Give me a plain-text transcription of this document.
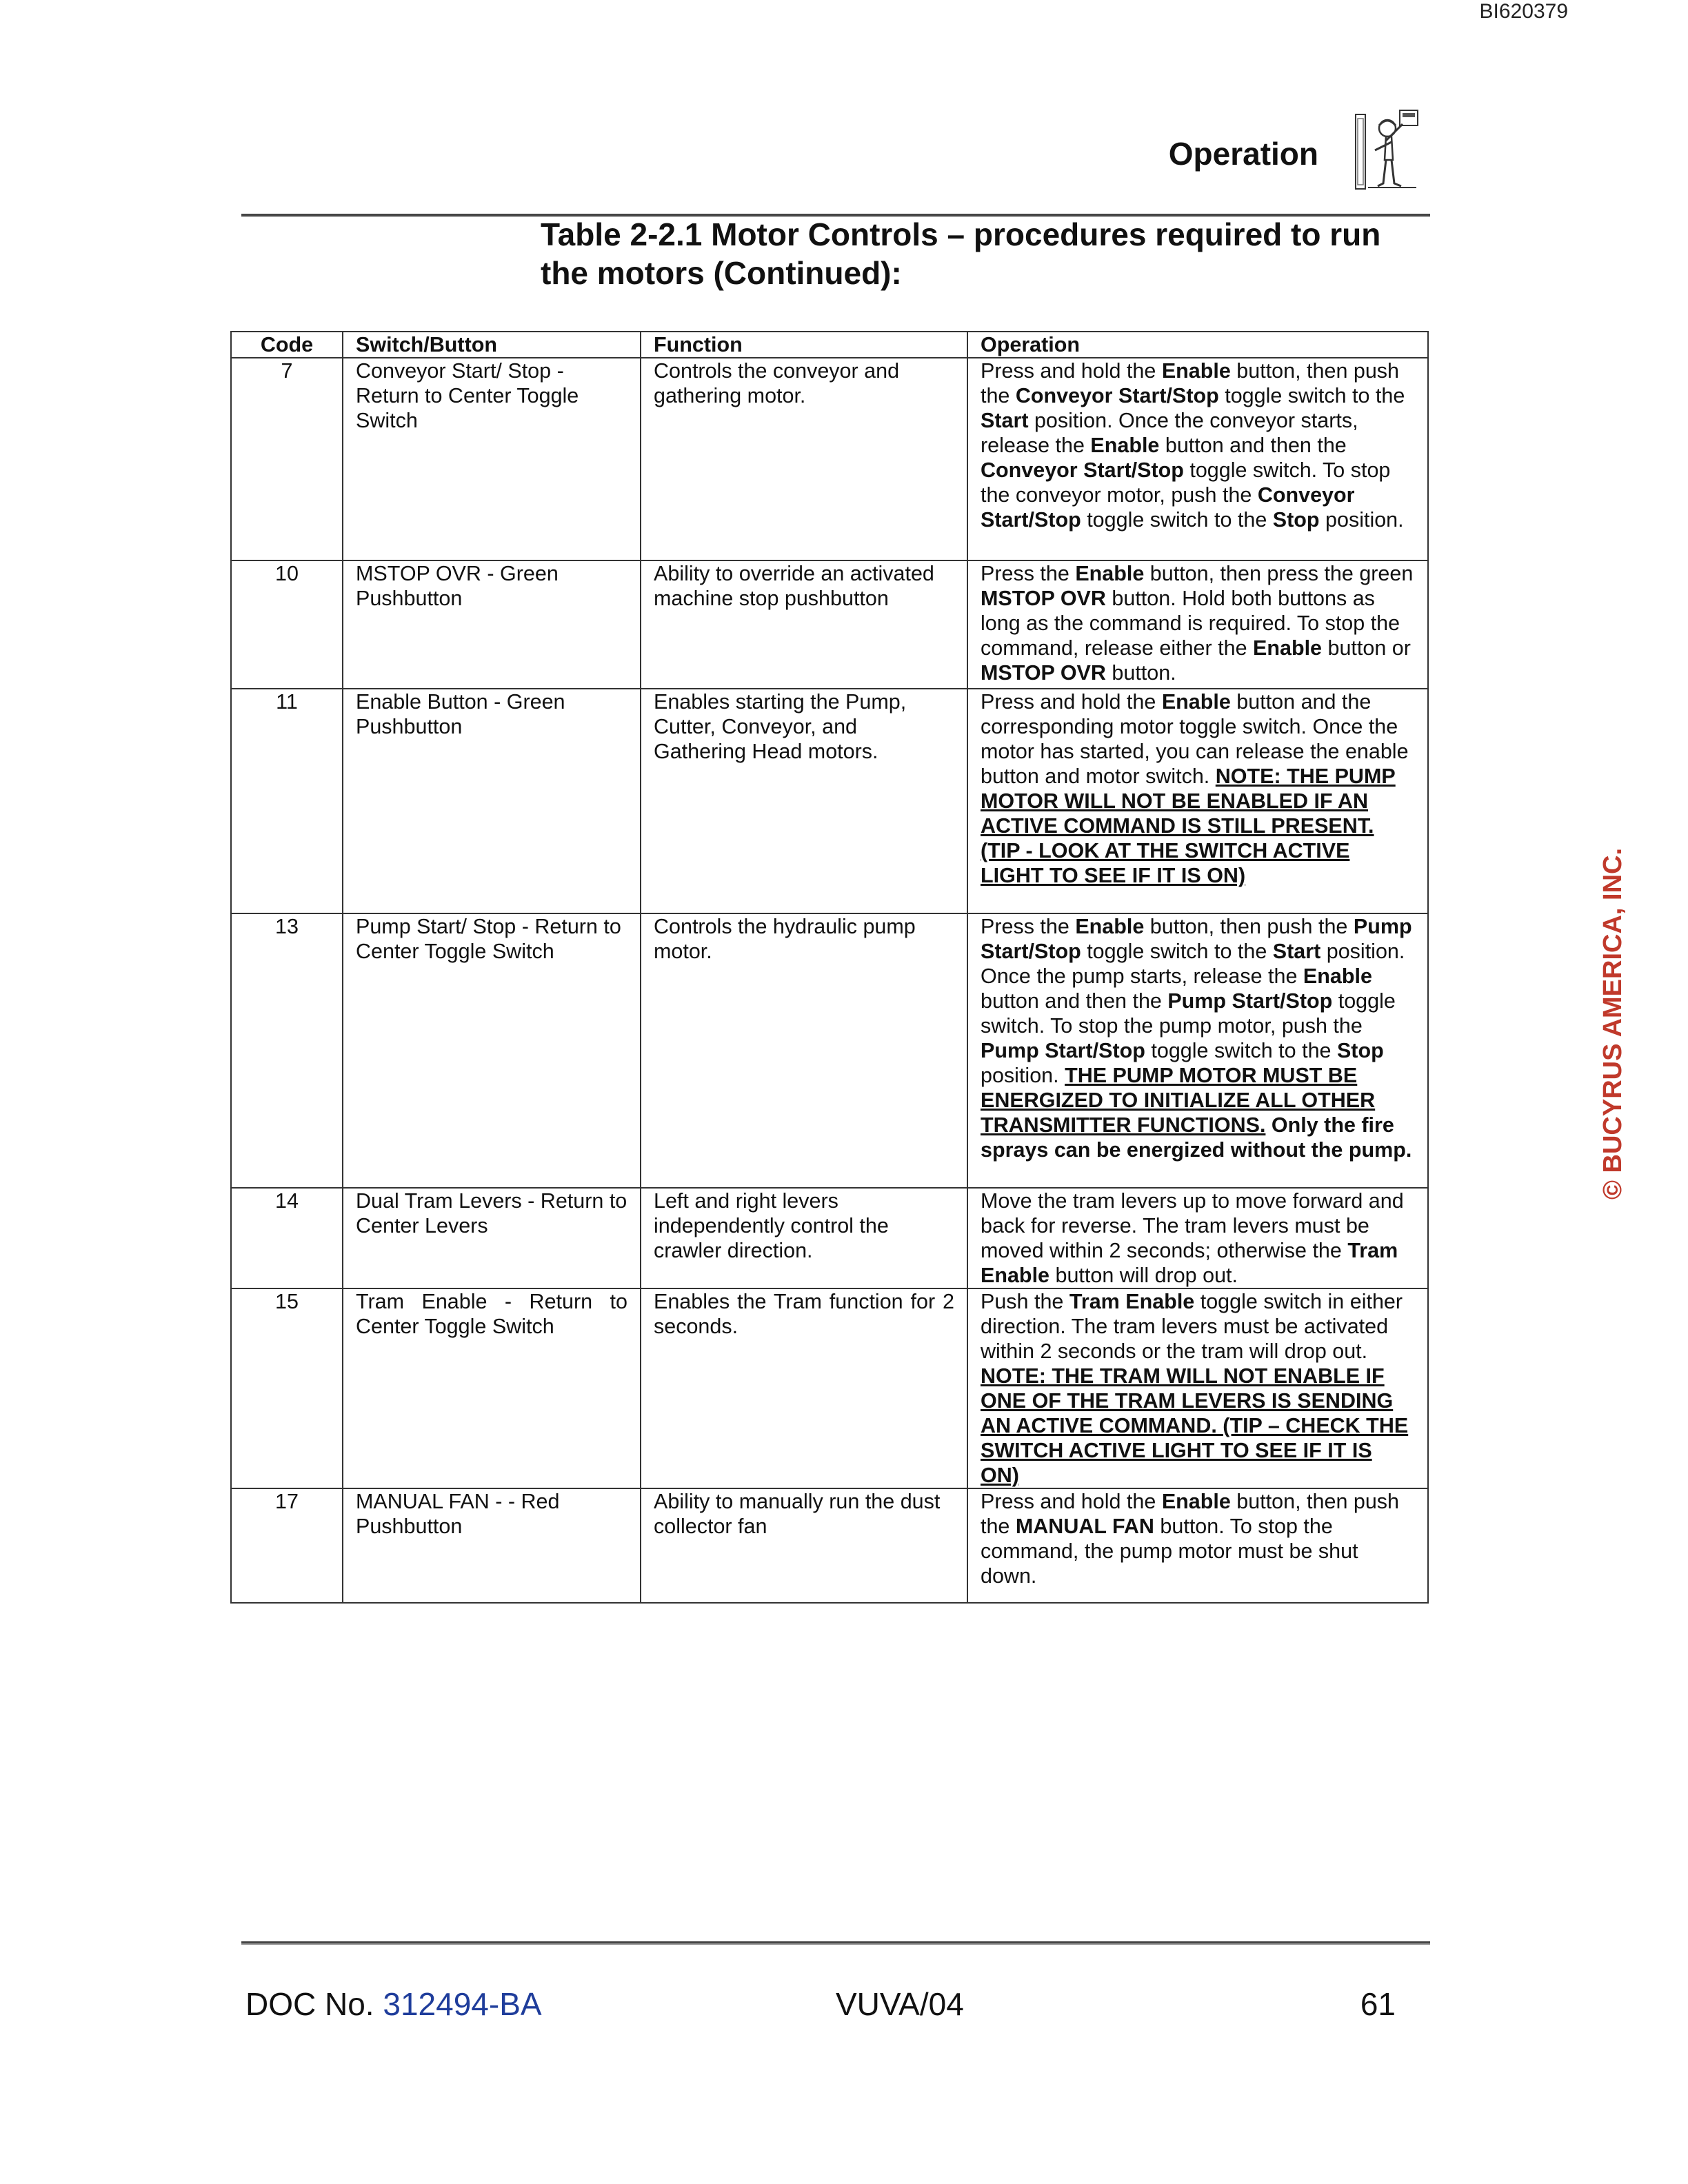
BI620379
Operation
Table 2-2.1 Motor Controls – procedures required to run
the motors (Continued):
Code	Switch/Button	Function	Operation
7	Conveyor Start/ Stop - Return to Center Toggle Switch	Controls the conveyor and gathering motor.	Press and hold the Enable button, then push the Conveyor Start/Stop toggle switch to the Start position. Once the conveyor starts, release the Enable button and then the Conveyor Start/Stop toggle switch. To stop the conveyor motor, push the Conveyor Start/Stop toggle switch to the Stop position.
10	MSTOP OVR - Green Pushbutton	Ability to override an activated machine stop pushbutton	Press the Enable button, then press the green MSTOP OVR button. Hold both buttons as long as the command is required. To stop the command, release either the Enable button or MSTOP OVR button.
11	Enable Button - Green Pushbutton	Enables starting the Pump, Cutter, Conveyor, and Gathering Head motors.	Press and hold the Enable button and the corresponding motor toggle switch. Once the motor has started, you can release the enable button and motor switch. NOTE: THE PUMP MOTOR WILL NOT BE ENABLED IF AN ACTIVE COMMAND IS STILL PRESENT. (TIP - LOOK AT THE SWITCH ACTIVE LIGHT TO SEE IF IT IS ON)
13	Pump Start/ Stop - Return to Center Toggle Switch	Controls the hydraulic pump motor.	Press the Enable button, then push the Pump Start/Stop toggle switch to the Start position. Once the pump starts, release the Enable button and then the Pump Start/Stop toggle switch. To stop the pump motor, push the Pump Start/Stop toggle switch to the Stop position. THE PUMP MOTOR MUST BE ENERGIZED TO INITIALIZE ALL OTHER TRANSMITTER FUNCTIONS. Only the fire sprays can be energized without the pump.
14	Dual Tram Levers - Return to Center Levers	Left and right levers independently control the crawler direction.	Move the tram levers up to move forward and back for reverse. The tram levers must be moved within 2 seconds; otherwise the Tram Enable button will drop out.
15	Tram Enable - Return to Center Toggle Switch	Enables the Tram function for 2 seconds.	Push the Tram Enable toggle switch in either direction. The tram levers must be activated within 2 seconds or the tram will drop out. NOTE: THE TRAM WILL NOT ENABLE IF ONE OF THE TRAM LEVERS IS SENDING AN ACTIVE COMMAND. (TIP – CHECK THE SWITCH ACTIVE LIGHT TO SEE IF IT IS ON)
17	MANUAL FAN - - Red Pushbutton	Ability to manually run the dust collector fan	Press and hold the Enable button, then push the MANUAL FAN button. To stop the command, the pump motor must be shut down.
© BUCYRUS AMERICA, INC.
DOC No. 312494-BA	VUVA/04	61
